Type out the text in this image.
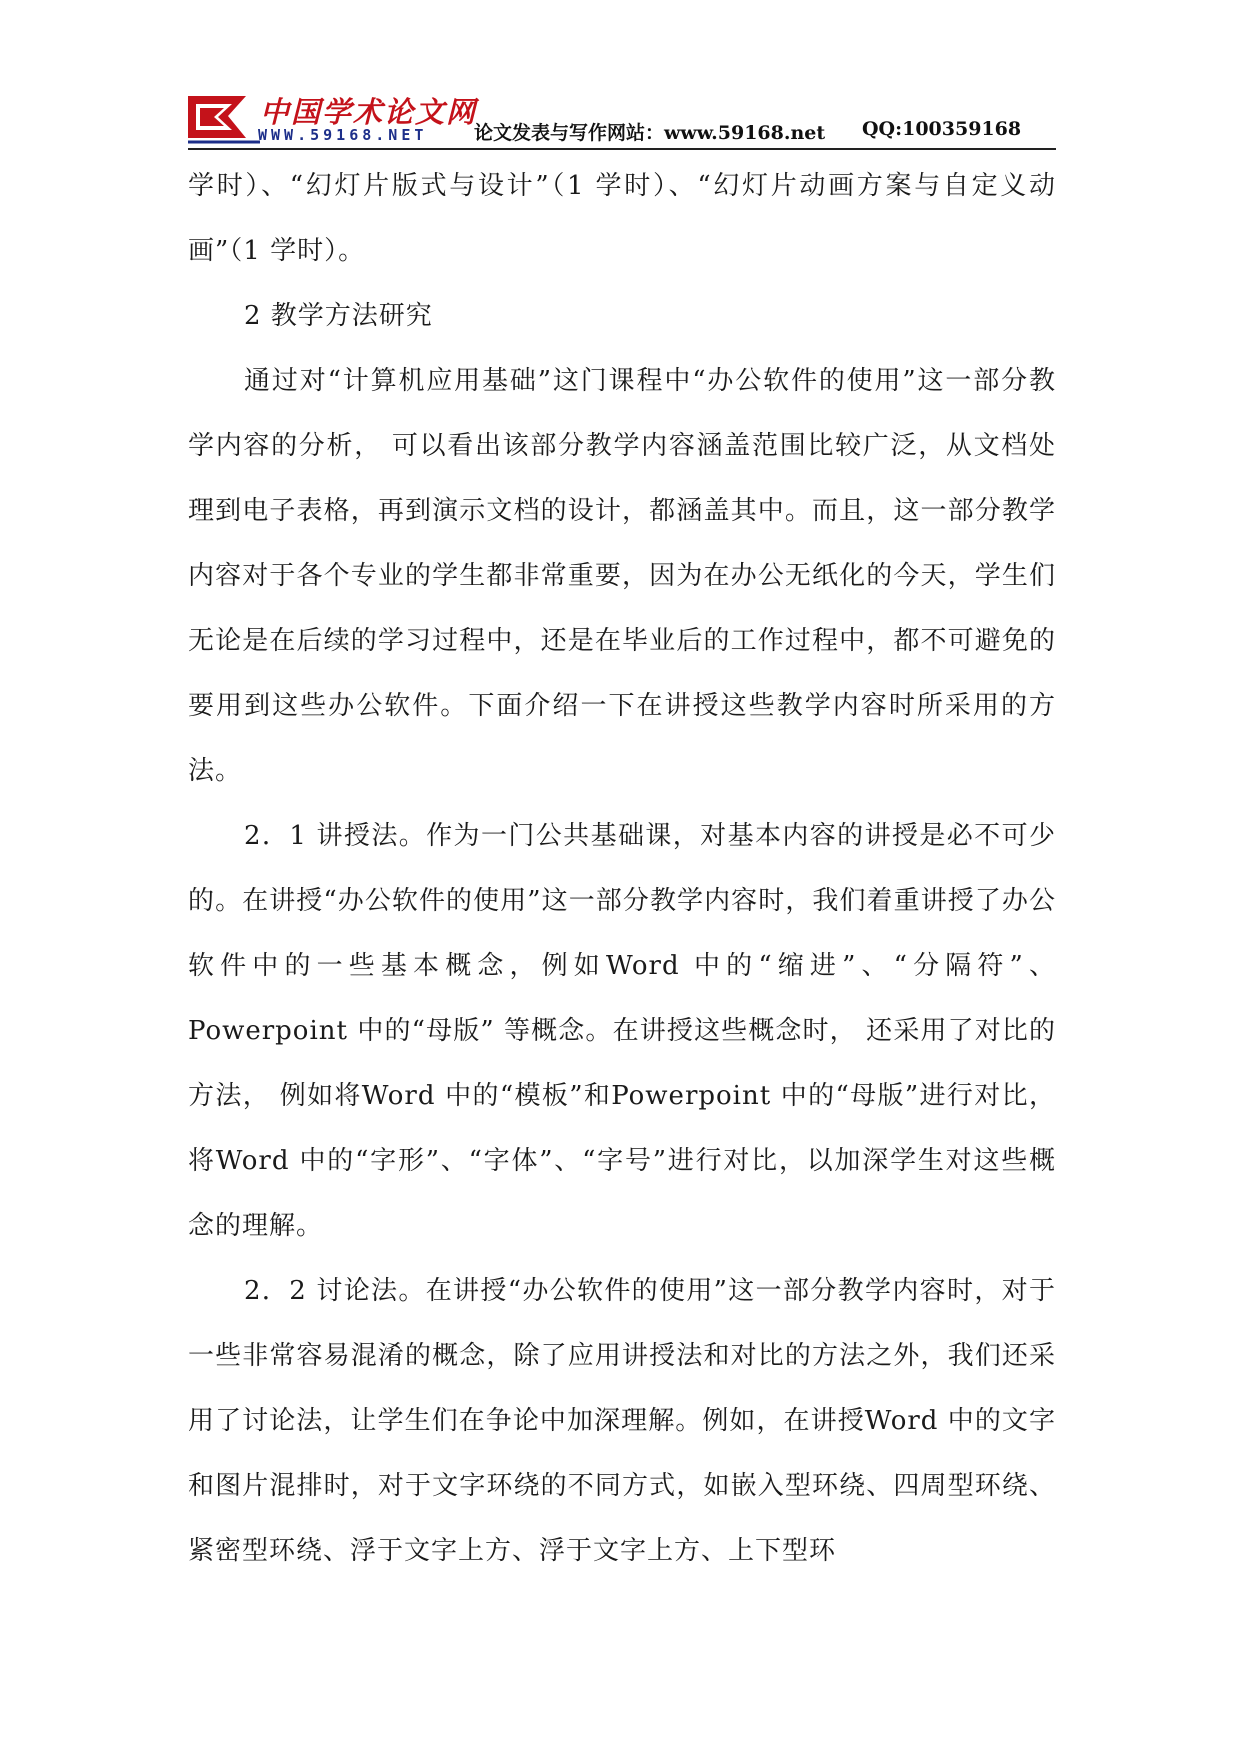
中国学术论文网
WWW.59168.NET 论文发表与写作网站：www.59168.net QQ:100359168

学时）、“幻灯片版式与设计”（1 学时）、“幻灯片动画方案与自定义动画”（1 学时）。

2 教学方法研究

通过对“计算机应用基础”这门课程中“办公软件的使用”这一部分教学内容的分析， 可以看出该部分教学内容涵盖范围比较广泛，从文档处理到电子表格，再到演示文档的设计，都涵盖其中。而且，这一部分教学内容对于各个专业的学生都非常重要，因为在办公无纸化的今天，学生们无论是在后续的学习过程中，还是在毕业后的工作过程中，都不可避免的要用到这些办公软件。下面介绍一下在讲授这些教学内容时所采用的方法。

2．1 讲授法。作为一门公共基础课，对基本内容的讲授是必不可少的。在讲授“办公软件的使用”这一部分教学内容时，我们着重讲授了办公软件中的一些基本概念，例如Word 中的“缩进”、“分隔符”、Powerpoint 中的“母版” 等概念。在讲授这些概念时， 还采用了对比的方法， 例如将Word 中的“模板”和Powerpoint 中的“母版”进行对比，将Word 中的“字形”、“字体”、“字号”进行对比，以加深学生对这些概念的理解。

2．2 讨论法。在讲授“办公软件的使用”这一部分教学内容时，对于一些非常容易混淆的概念，除了应用讲授法和对比的方法之外，我们还采用了讨论法，让学生们在争论中加深理解。例如，在讲授Word 中的文字和图片混排时，对于文字环绕的不同方式，如嵌入型环绕、四周型环绕、紧密型环绕、浮于文字上方、浮于文字上方、上下型环
